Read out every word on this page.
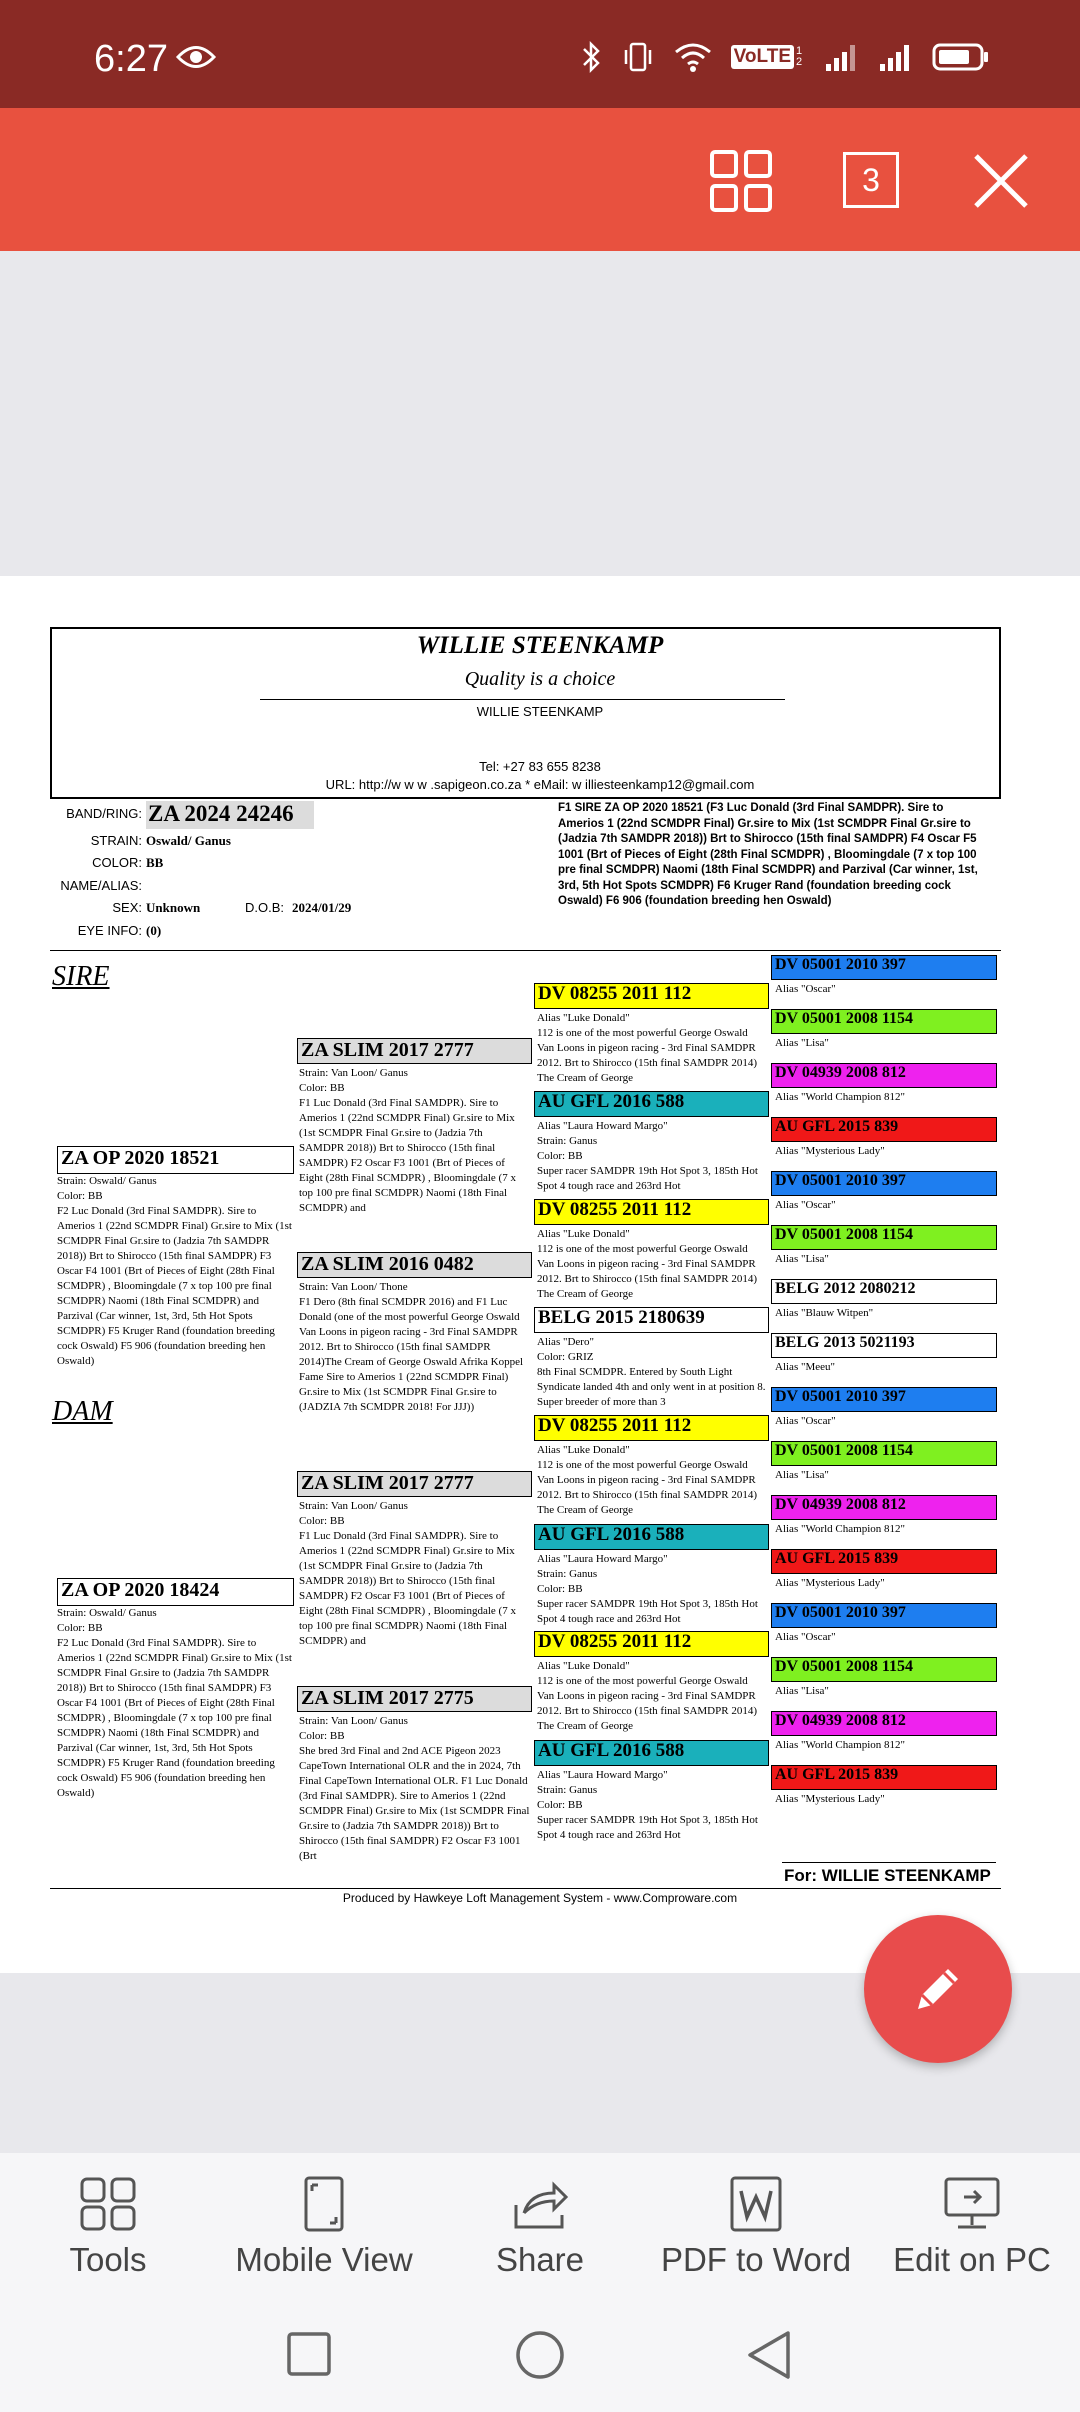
6:27	VoLTE 1 2
3
WILLIE STEENKAMP
Quality is a choice
WILLIE STEENKAMP
Tel: +27 83 655 8238
URL: http://w w w .sapigeon.co.za * eMail: w illiesteenkamp12@gmail.com
BAND/RING: ZA 2024 24246
STRAIN: Oswald/ Ganus
COLOR: BB
NAME/ALIAS:
SEX: Unknown	D.O.B: 2024/01/29
EYE INFO: (0)
F1 SIRE ZA OP 2020 18521 (F3 Luc Donald (3rd Final SAMDPR). Sire to Amerios 1 (22nd SCMDPR Final) Gr.sire to Mix (1st SCMDPR Final Gr.sire to (Jadzia 7th SAMDPR 2018)) Brt to Shirocco (15th final SAMDPR) F4 Oscar F5 1001 (Brt of Pieces of Eight (28th Final SCMDPR) , Bloomingdale (7 x top 100 pre final SCMDPR) Naomi (18th Final SCMDPR) and Parzival (Car winner, 1st, 3rd, 5th Hot Spots SCMDPR) F6 Kruger Rand (foundation breeding cock Oswald) F6 906 (foundation breeding hen Oswald)
SIRE
DAM
ZA OP 2020 18521
Strain: Oswald/ Ganus
Color: BB
F2 Luc Donald (3rd Final SAMDPR). Sire to Amerios 1 (22nd SCMDPR Final) Gr.sire to Mix (1st SCMDPR Final Gr.sire to (Jadzia 7th SAMDPR 2018)) Brt to Shirocco (15th final SAMDPR) F3 Oscar F4 1001 (Brt of Pieces of Eight (28th Final SCMDPR) , Bloomingdale (7 x top 100 pre final SCMDPR) Naomi (18th Final SCMDPR) and Parzival (Car winner, 1st, 3rd, 5th Hot Spots SCMDPR) F5 Kruger Rand (foundation breeding cock Oswald) F5 906 (foundation breeding hen Oswald)
ZA OP 2020 18424
Strain: Oswald/ Ganus
Color: BB
F2 Luc Donald (3rd Final SAMDPR). Sire to Amerios 1 (22nd SCMDPR Final) Gr.sire to Mix (1st SCMDPR Final Gr.sire to (Jadzia 7th SAMDPR 2018)) Brt to Shirocco (15th final SAMDPR) F3 Oscar F4 1001 (Brt of Pieces of Eight (28th Final SCMDPR) , Bloomingdale (7 x top 100 pre final SCMDPR) Naomi (18th Final SCMDPR) and Parzival (Car winner, 1st, 3rd, 5th Hot Spots SCMDPR) F5 Kruger Rand (foundation breeding cock Oswald) F5 906 (foundation breeding hen Oswald)
ZA SLIM 2017 2777
Strain: Van Loon/ Ganus
Color: BB
F1 Luc Donald (3rd Final SAMDPR). Sire to Amerios 1 (22nd SCMDPR Final) Gr.sire to Mix (1st SCMDPR Final Gr.sire to (Jadzia 7th SAMDPR 2018)) Brt to Shirocco (15th final SAMDPR) F2 Oscar F3 1001 (Brt of Pieces of Eight (28th Final SCMDPR) , Bloomingdale (7 x top 100 pre final SCMDPR) Naomi (18th Final SCMDPR) and
ZA SLIM 2016 0482
Strain: Van Loon/ Thone
F1 Dero (8th final SCMDPR 2016) and F1 Luc Donald (one of the most powerful George Oswald Van Loons in pigeon racing - 3rd Final SAMDPR 2012. Brt to Shirocco (15th final SAMDPR 2014)The Cream of George Oswald Afrika Koppel Fame Sire to Amerios 1 (22nd SCMDPR Final) Gr.sire to Mix (1st SCMDPR Final Gr.sire to (JADZIA 7th SCMDPR 2018! For JJJ))
ZA SLIM 2017 2777
Strain: Van Loon/ Ganus
Color: BB
F1 Luc Donald (3rd Final SAMDPR). Sire to Amerios 1 (22nd SCMDPR Final) Gr.sire to Mix (1st SCMDPR Final Gr.sire to (Jadzia 7th SAMDPR 2018)) Brt to Shirocco (15th final SAMDPR) F2 Oscar F3 1001 (Brt of Pieces of Eight (28th Final SCMDPR) , Bloomingdale (7 x top 100 pre final SCMDPR) Naomi (18th Final SCMDPR) and
ZA SLIM 2017 2775
Strain: Van Loon/ Ganus
Color: BB
She bred 3rd Final and 2nd ACE Pigeon 2023 CapeTown International OLR and the in 2024, 7th Final CapeTown International OLR. F1 Luc Donald (3rd Final SAMDPR). Sire to Amerios 1 (22nd SCMDPR Final) Gr.sire to Mix (1st SCMDPR Final Gr.sire to (Jadzia 7th SAMDPR 2018)) Brt to Shirocco (15th final SAMDPR) F2 Oscar F3 1001 (Brt
DV 08255 2011 112
Alias "Luke Donald"
112 is one of the most powerful George Oswald Van Loons in pigeon racing - 3rd Final SAMDPR 2012. Brt to Shirocco (15th final SAMDPR 2014) The Cream of George
AU GFL 2016 588
Alias "Laura Howard Margo"
Strain: Ganus
Color: BB
Super racer SAMDPR 19th Hot Spot 3, 185th Hot Spot 4 tough race and 263rd Hot
DV 08255 2011 112
Alias "Luke Donald"
112 is one of the most powerful George Oswald Van Loons in pigeon racing - 3rd Final SAMDPR 2012. Brt to Shirocco (15th final SAMDPR 2014) The Cream of George
BELG 2015 2180639
Alias "Dero"
Color: GRIZ
8th Final SCMDPR. Entered by South Light Syndicate landed 4th and only went in at position 8. Super breeder of more than 3
DV 08255 2011 112
Alias "Luke Donald"
112 is one of the most powerful George Oswald Van Loons in pigeon racing - 3rd Final SAMDPR 2012. Brt to Shirocco (15th final SAMDPR 2014) The Cream of George
AU GFL 2016 588
Alias "Laura Howard Margo"
Strain: Ganus
Color: BB
Super racer SAMDPR 19th Hot Spot 3, 185th Hot Spot 4 tough race and 263rd Hot
DV 08255 2011 112
Alias "Luke Donald"
112 is one of the most powerful George Oswald Van Loons in pigeon racing - 3rd Final SAMDPR 2012. Brt to Shirocco (15th final SAMDPR 2014) The Cream of George
AU GFL 2016 588
Alias "Laura Howard Margo"
Strain: Ganus
Color: BB
Super racer SAMDPR 19th Hot Spot 3, 185th Hot Spot 4 tough race and 263rd Hot
DV 05001 2010 397
Alias "Oscar"
DV 05001 2008 1154
Alias "Lisa"
DV 04939 2008 812
Alias "World Champion 812"
AU GFL 2015 839
Alias "Mysterious Lady"
DV 05001 2010 397
Alias "Oscar"
DV 05001 2008 1154
Alias "Lisa"
BELG 2012 2080212
Alias "Blauw Witpen"
BELG 2013 5021193
Alias "Meeu"
DV 05001 2010 397
Alias "Oscar"
DV 05001 2008 1154
Alias "Lisa"
DV 04939 2008 812
Alias "World Champion 812"
AU GFL 2015 839
Alias "Mysterious Lady"
DV 05001 2010 397
Alias "Oscar"
DV 05001 2008 1154
Alias "Lisa"
DV 04939 2008 812
Alias "World Champion 812"
AU GFL 2015 839
Alias "Mysterious Lady"
For: WILLIE STEENKAMP
Produced by Hawkeye Loft Management System - www.Comproware.com
Tools	Mobile View	Share	PDF to Word	Edit on PC
